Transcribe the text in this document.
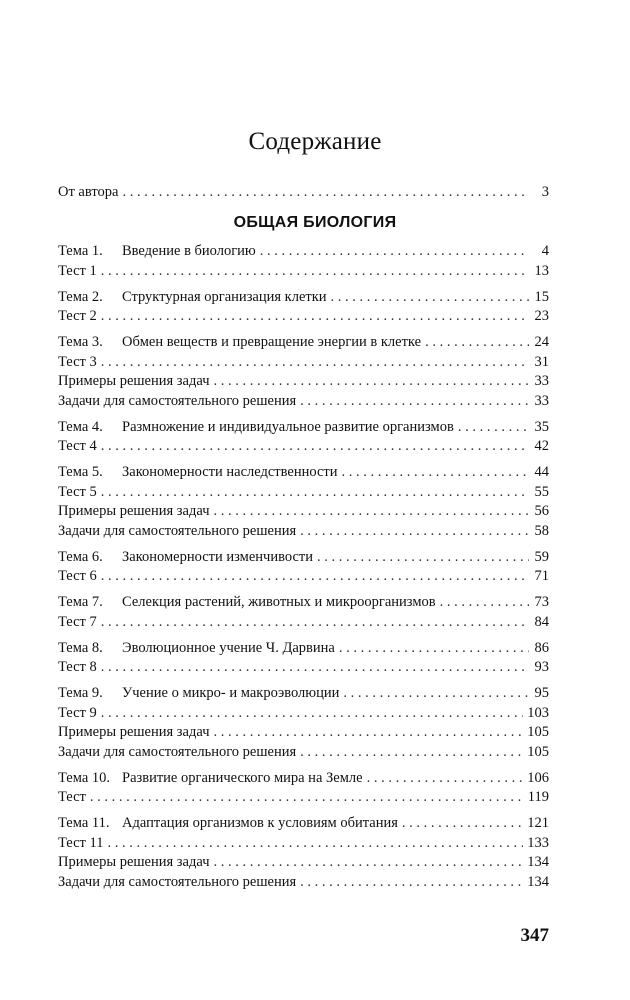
Содержание
От автора . . .	3
ОБЩАЯ БИОЛОГИЯ
Тема 1.	Введение в биологию . . .	4
Тест 1 . . .	13
Тема 2.	Структурная организация клетки . . .	15
Тест 2 . . .	23
Тема 3.	Обмен веществ и превращение энергии в клетке . . .	24
Тест 3 . . .	31
Примеры решения задач . . .	33
Задачи для самостоятельного решения . . .	33
Тема 4.	Размножение и индивидуальное развитие организмов . . .	35
Тест 4 . . .	42
Тема 5.	Закономерности наследственности . . .	44
Тест 5 . . .	55
Примеры решения задач . . .	56
Задачи для самостоятельного решения . . .	58
Тема 6.	Закономерности изменчивости . . .	59
Тест 6 . . .	71
Тема 7.	Селекция растений, животных и микроорганизмов . . .	73
Тест 7 . . .	84
Тема 8.	Эволюционное учение Ч. Дарвина . . .	86
Тест 8 . . .	93
Тема 9.	Учение о микро- и макроэволюции . . .	95
Тест 9 . . .	103
Примеры решения задач . . .	105
Задачи для самостоятельного решения . . .	105
Тема 10. Развитие органического мира на Земле . . .	106
Тест . . .	119
Тема 11. Адаптация организмов к условиям обитания . . .	121
Тест 11 . . .	133
Примеры решения задач . . .	134
Задачи для самостоятельного решения . . .	134
347
